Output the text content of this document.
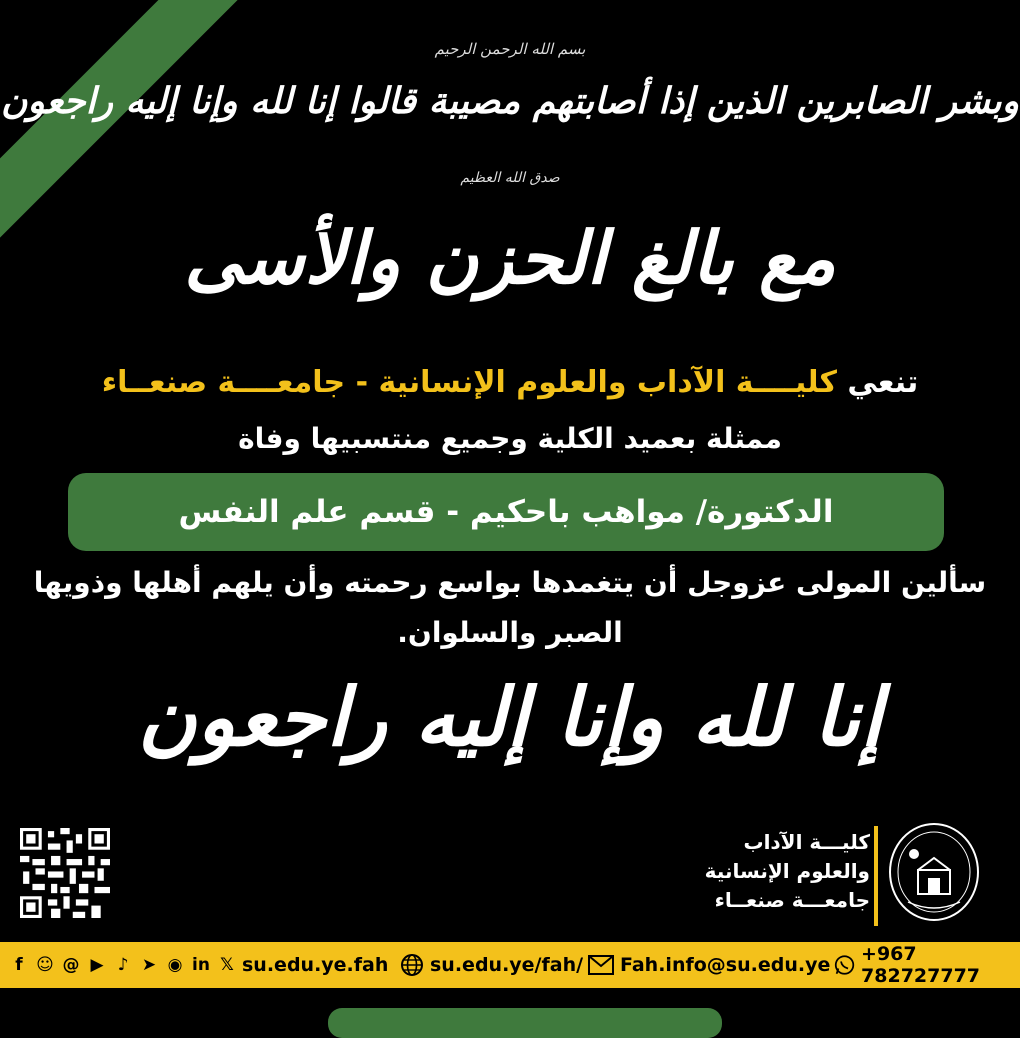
بسم الله الرحمن الرحيم
وبشر الصابرين الذين إذا أصابتهم مصيبة قالوا إنا لله وإنا إليه راجعون
صدق الله العظيم
مع بالغ الحزن والأسى
تنعي كليــــة الآداب والعلوم الإنسانية - جامعــــة صنعــاء
ممثلة بعميد الكلية وجميع منتسبيها وفاة
الدكتورة/ مواهب باحكيم - قسم علم النفس
سألين المولى عزوجل أن يتغمدها بواسع رحمته وأن يلهم أهلها وذويها
الصبر والسلوان.
إنا لله وإنا إليه راجعون
كليـــة الآداب
والعلوم الإنسانية
جامعـــة صنعــاء
f ☺ @ ▶ ♪ ➤ ◉ in 𝕏 su.edu.ye.fah su.edu.ye/fah/ Fah.info@su.edu.ye +967 782727777
